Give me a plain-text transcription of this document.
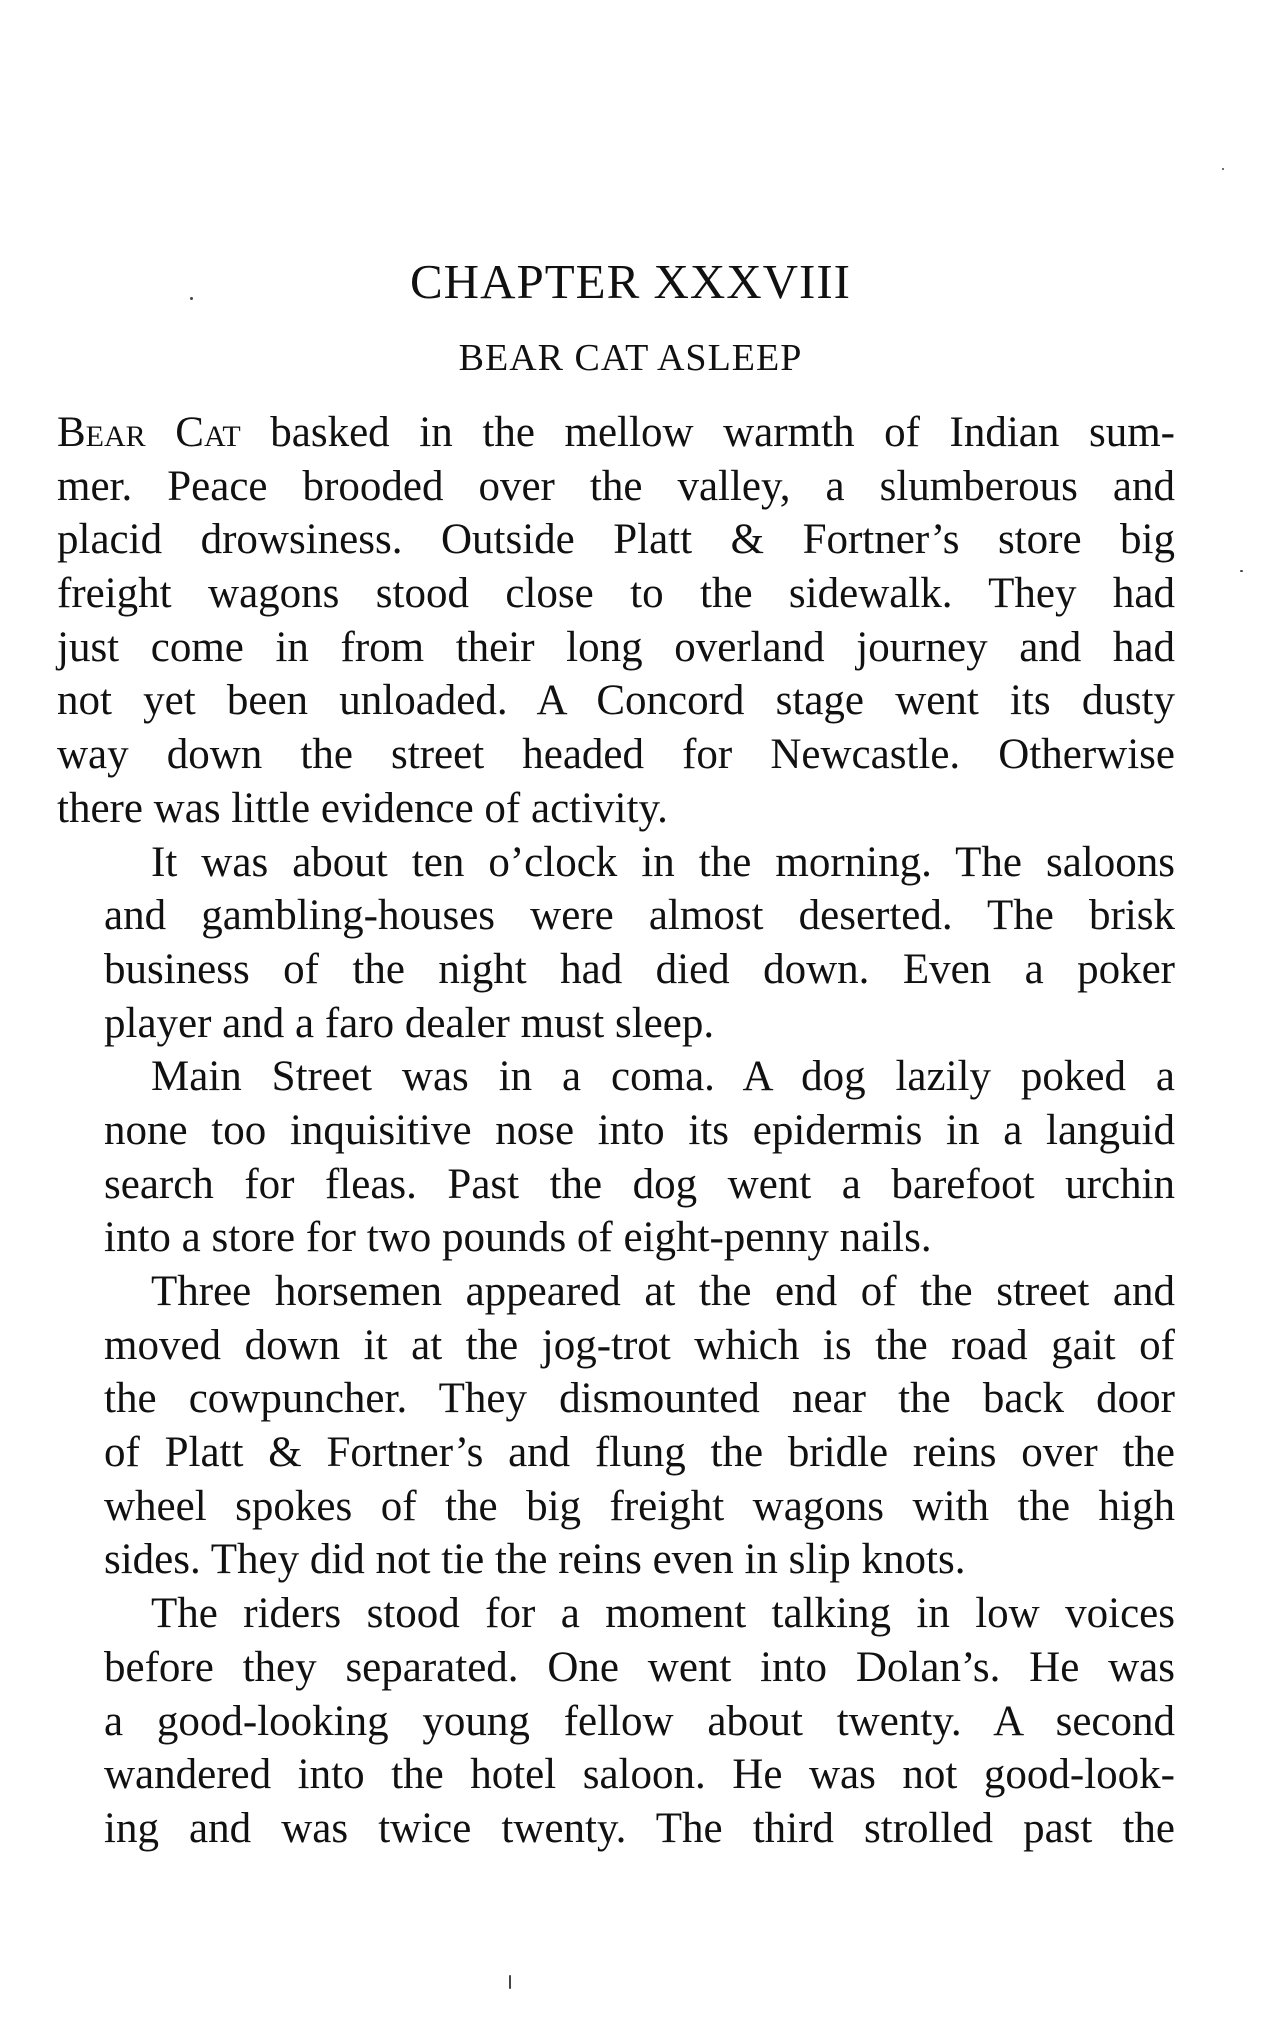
CHAPTER XXXVIII
BEAR CAT ASLEEP
Bear Cat basked in the mellow warmth of Indian sum-
mer. Peace brooded over the valley, a slumberous and
placid drowsiness. Outside Platt & Fortner’s store big
freight wagons stood close to the sidewalk. They had
just come in from their long overland journey and had
not yet been unloaded. A Concord stage went its dusty
way down the street headed for Newcastle. Otherwise
there was little evidence of activity.
It was about ten o’clock in the morning. The saloons
and gambling-houses were almost deserted. The brisk
business of the night had died down. Even a poker
player and a faro dealer must sleep.
Main Street was in a coma. A dog lazily poked a
none too inquisitive nose into its epidermis in a languid
search for fleas. Past the dog went a barefoot urchin
into a store for two pounds of eight-penny nails.
Three horsemen appeared at the end of the street and
moved down it at the jog-trot which is the road gait of
the cowpuncher. They dismounted near the back door
of Platt & Fortner’s and flung the bridle reins over the
wheel spokes of the big freight wagons with the high
sides. They did not tie the reins even in slip knots.
The riders stood for a moment talking in low voices
before they separated. One went into Dolan’s. He was
a good-looking young fellow about twenty. A second
wandered into the hotel saloon. He was not good-look-
ing and was twice twenty. The third strolled past the
